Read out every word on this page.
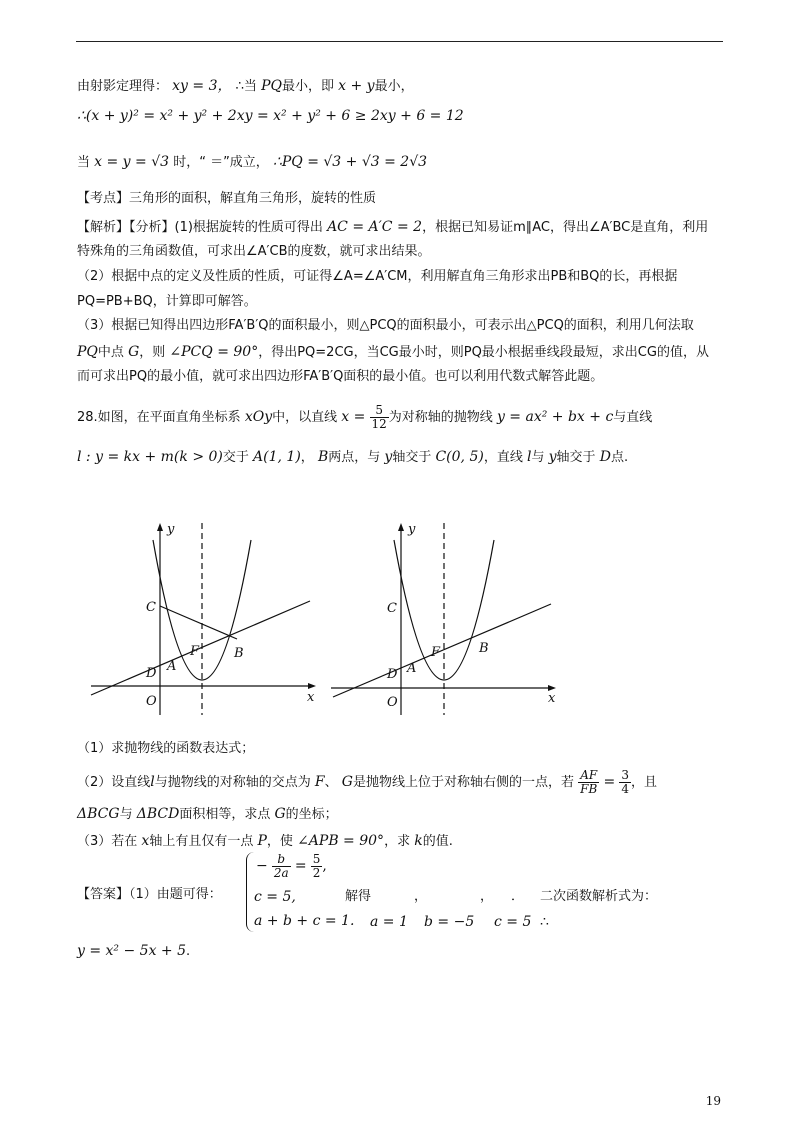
由射影定理得： xy = 3， ∴当 PQ最小，即 x + y最小，
∴(x + y)² = x² + y² + 2xy = x² + y² + 6 ≥ 2xy + 6 = 12
当 x = y = √3 时，“ ＝”成立， ∴PQ = √3 + √3 = 2√3
【考点】三角形的面积，解直角三角形，旋转的性质
【解析】【分析】(1)根据旋转的性质可得出 AC = A′C = 2，根据已知易证m∥AC，得出∠A′BC是直角，利用
特殊角的三角函数值，可求出∠A′CB的度数，就可求出结果。
（2）根据中点的定义及性质的性质，可证得∠A=∠A′CM，利用解直角三角形求出PB和BQ的长，再根据
PQ=PB+BQ，计算即可解答。
（3）根据已知得出四边形FA′B′Q的面积最小，则△PCQ的面积最小，可表示出△PCQ的面积，利用几何法取
PQ中点 G，则 ∠PCQ = 90°，得出PQ=2CG，当CG最小时，则PQ最小根据垂线段最短，求出CG的值，从
而可求出PQ的最小值，就可求出四边形FA′B′Q面积的最小值。也可以利用代数式解答此题。
28.如图，在平面直角坐标系 xOy中，以直线 $x = \frac{5}{12}$ 为对称轴的抛物线 y = ax² + bx + c与直线
l : y = kx + m(k > 0)交于 A(1, 1)， B两点，与 y轴交于 C(0, 5)，直线 l与 y轴交于 D点.
y
x
O
C
D A
F	B
y
x
O
C
D A
F	B
（1）求抛物线的函数表达式；
（2）设直线l与抛物线的对称轴的交点为 F、 G是抛物线上位于对称轴右侧的一点，若 $\frac{AF}{FB} = \frac{3}{4}$ ，且
ΔBCG与 ΔBCD面积相等，求点 G的坐标；
（3）若在 x轴上有且仅有一点 P，使 ∠APB = 90°，求 k的值.
【答案】（1）由题可得：
− $\frac{b}{2a} = \frac{5}{2}$ ,
c = 5,
a + b + c = 1.
解得	，	， ． 二次函数解析式为：
a = 1 b = −5 c = 5 ∴
y = x² − 5x + 5.
19
